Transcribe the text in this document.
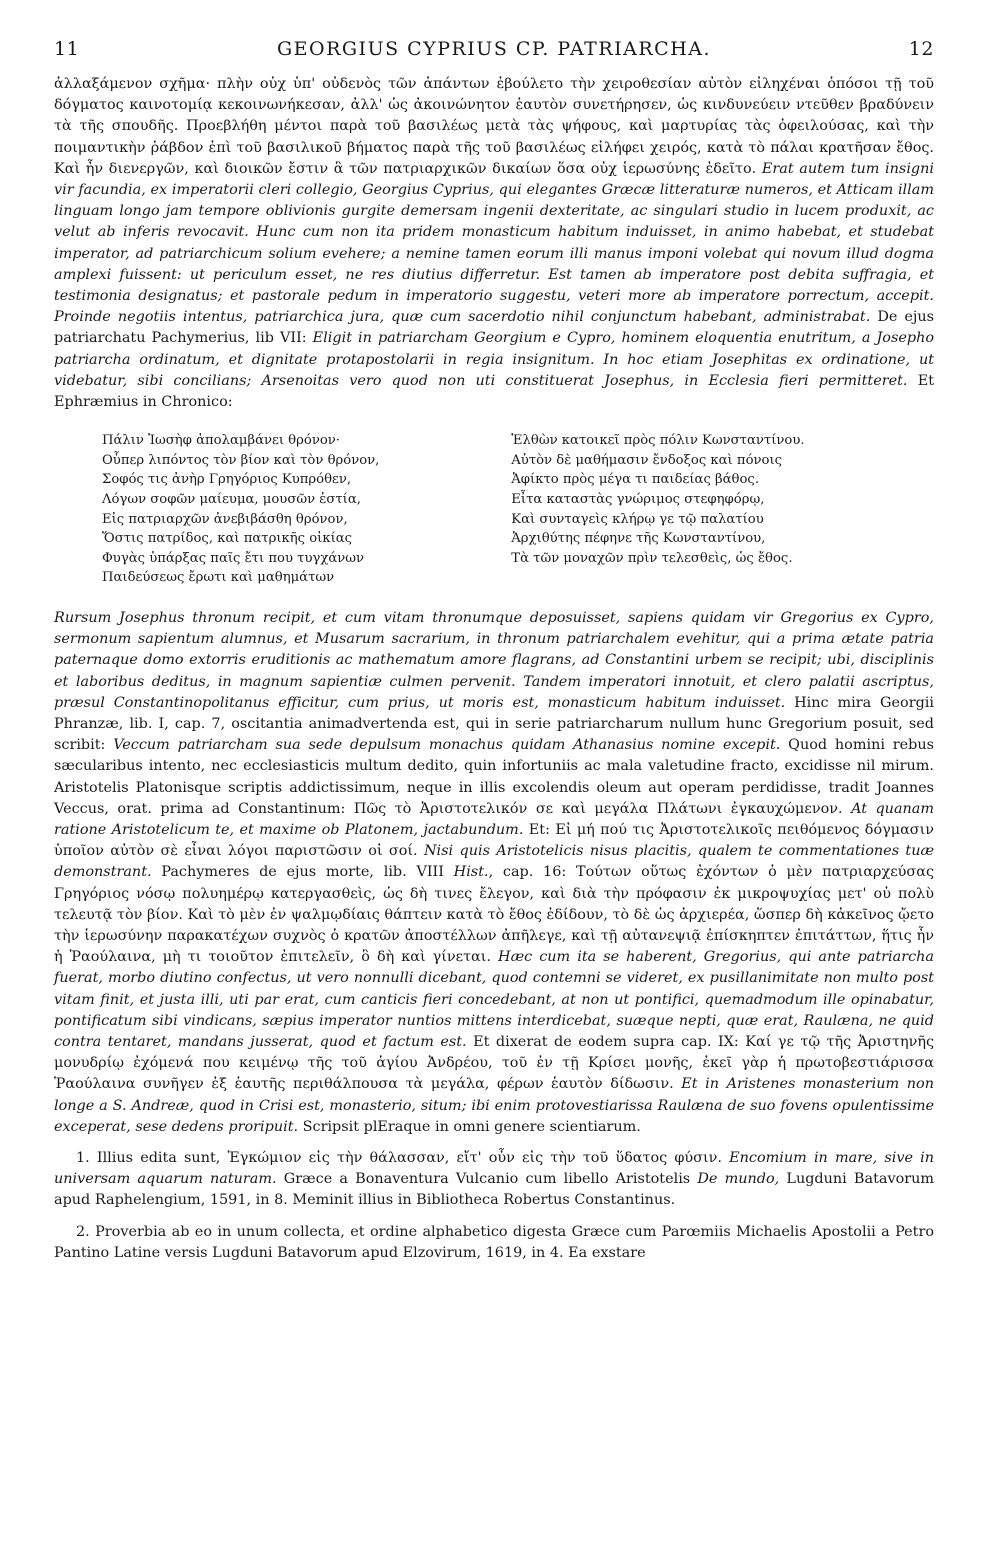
11	GEORGIUS CYPRIUS CP. PATRIARCHA.	12

ἀλλαξάμενον σχῆμα· πλὴν οὐχ ὑπ' οὐδενὸς τῶν ἁπάντων ἐβούλετο τὴν χειροθεσίαν αὐτὸν εἰληχέναι ὁπόσοι τῇ τοῦ δόγματος καινοτομίᾳ κεκοινωνήκεσαν, ἀλλ' ὡς ἀκοινώνητον ἑαυτὸν συνετήρησεν, ὡς κινδυνεύειν ντεῦθεν βραδύνειν τὰ τῆς σπουδῆς. Προεβλήθη μέντοι παρὰ τοῦ βασιλέως μετὰ τὰς ψήφους, καὶ μαρτυρίας τὰς ὀφειλούσας, καὶ τὴν ποιμαντικὴν ῥάβδον ἐπὶ τοῦ βασιλικοῦ βήματος παρὰ τῆς τοῦ βασιλέως εἰλήφει χειρός, κατὰ τὸ πάλαι κρατῆσαν ἔθος. Καὶ ἦν διενεργῶν, καὶ διοικῶν ἔστιν ἃ τῶν πατριαρχικῶν δικαίων ὅσα οὐχ ἱερωσύνης ἐδεῖτο. Erat autem tum insigni vir facundia, ex imperatorii cleri collegio, Georgius Cyprius, qui elegantes Græcæ litteraturæ numeros, et Atticam illam linguam longo jam tempore oblivionis gurgite demersam ingenii dexteritate, ac singulari studio in lucem produxit, ac velut ab inferis revocavit. Hunc cum non ita pridem monasticum habitum induisset, in animo habebat, et studebat imperator, ad patriarchicum solium evehere; a nemine tamen eorum illi manus imponi volebat qui novum illud dogma amplexi fuissent: ut periculum esset, ne res diutius differretur. Est tamen ab imperatore post debita suffragia, et testimonia designatus; et pastorale pedum in imperatorio suggestu, veteri more ab imperatore porrectum, accepit. Proinde negotiis intentus, patriarchica jura, quæ cum sacerdotio nihil conjunctum habebant, administrabat. De ejus patriarchatu Pachymerius, lib VII: Eligit in patriarcham Georgium e Cypro, hominem eloquentia enutritum, a Josepho patriarcha ordinatum, et dignitate protapostolarii in regia insignitum. In hoc etiam Josephitas ex ordinatione, ut videbatur, sibi concilians; Arsenoitas vero quod non uti constituerat Josephus, in Ecclesia fieri permitteret. Et Ephræmius in Chronico:

Πάλιν Ἰωσὴφ ἀπολαμβάνει θρόνον·
Οὗπερ λιπόντος τὸν βίον καὶ τὸν θρόνον,
Σοφός τις ἀνὴρ Γρηγόριος Κυπρόθεν,
Λόγων σοφῶν μαίευμα, μουσῶν ἑστία,
Εἰς πατριαρχῶν ἀνεβιβάσθη θρόνον,
Ὅστις πατρίδος, καὶ πατρικῆς οἰκίας
Φυγὰς ὑπάρξας παῖς ἔτι που τυγχάνων
Παιδεύσεως ἔρωτι καὶ μαθημάτων
Ἐλθὼν κατοικεῖ πρὸς πόλιν Κωνσταντίνου.
Αὐτὸν δὲ μαθήμασιν ἔνδοξος καὶ πόνοις
Ἀφίκτο πρὸς μέγα τι παιδείας βάθος.
Εἶτα καταστὰς γνώριμος στεφηφόρῳ,
Καὶ συνταγεὶς κλήρῳ γε τῷ παλατίου
Ἀρχιθύτης πέφηνε τῆς Κωνσταντίνου,
Τὰ τῶν μοναχῶν πρὶν τελεσθεὶς, ὡς ἔθος.

Rursum Josephus thronum recipit, et cum vitam thronumque deposuisset, sapiens quidam vir Gregorius ex Cypro, sermonum sapientum alumnus, et Musarum sacrarium, in thronum patriarchalem evehitur, qui a prima ætate patria paternaque domo extorris eruditionis ac mathematum amore flagrans, ad Constantini urbem se recipit; ubi, disciplinis et laboribus deditus, in magnum sapientiæ culmen pervenit. Tandem imperatori innotuit, et clero palatii ascriptus, præsul Constantinopolitanus efficitur, cum prius, ut moris est, monasticum habitum induisset. Hinc mira Georgii Phranzæ, lib. I, cap. 7, oscitantia animadvertenda est, qui in serie patriarcharum nullum hunc Gregorium posuit, sed scribit: Veccum patriarcham sua sede depulsum monachus quidam Athanasius nomine excepit. Quod homini rebus sæcularibus intento, nec ecclesiasticis multum dedito, quin infortuniis ac mala valetudine fracto, excidisse nil mirum. Aristotelis Platonisque scriptis addictissimum, neque in illis excolendis oleum aut operam perdidisse, tradit Joannes Veccus, orat. prima ad Constantinum: Πῶς τὸ Ἀριστοτελικόν σε καὶ μεγάλα Πλάτωνι ἐγκαυχώμενον. At quanam ratione Aristotelicum te, et maxime ob Platonem, jactabundum. Et: Εἰ μή πού τις Ἀριστοτελικοῖς πειθόμενος δόγμασιν ὑποῖον αὐτὸν σὲ εἶναι λόγοι παριστῶσιν οἱ σοί. Nisi quis Aristotelicis nisus placitis, qualem te commentationes tuæ demonstrant. Pachymeres de ejus morte, lib. VIII Hist., cap. 16: Τούτων οὕτως ἐχόντων ὁ μὲν πατριαρχεύσας Γρηγόριος νόσῳ πολυημέρῳ κατεργασθεὶς, ὡς δὴ τινες ἔλεγον, καὶ διὰ τὴν πρόφασιν ἐκ μικροψυχίας μετ' οὐ πολὺ τελευτᾷ τὸν βίον. Καὶ τὸ μὲν ἐν ψαλμῳδίαις θάπτειν κατὰ τὸ ἔθος ἐδίδουν, τὸ δὲ ὡς ἀρχιερέα, ὥσπερ δὴ κἀκεῖνος ᾤετο τὴν ἱερωσύνην παρακατέχων συχνὸς ὁ κρατῶν ἀποστέλλων ἀπῆλεγε, καὶ τῇ αὐτανεψιᾷ ἐπίσκηπτεν ἐπιτάττων, ἥτις ἦν ἡ Ῥαούλαινα, μὴ τι τοιοῦτον ἐπιτελεῖν, ὃ δὴ καὶ γίνεται. Hæc cum ita se haberent, Gregorius, qui ante patriarcha fuerat, morbo diutino confectus, ut vero nonnulli dicebant, quod contemni se videret, ex pusillanimitate non multo post vitam finit, et justa illi, uti par erat, cum canticis fieri concedebant, at non ut pontifici, quemadmodum ille opinabatur, pontificatum sibi vindicans, sæpius imperator nuntios mittens interdicebat, suæque nepti, quæ erat, Raulæna, ne quid contra tentaret, mandans jusserat, quod et factum est. Et dixerat de eodem supra cap. IX: Καί γε τῷ τῆς Ἀριστηνῆς μονυδρίῳ ἐχόμενά που κειμένῳ τῆς τοῦ ἁγίου Ἀνδρέου, τοῦ ἐν τῇ Κρίσει μονῆς, ἐκεῖ γὰρ ἡ πρωτοβεστιάρισσα Ῥαούλαινα συνῆγεν ἐξ ἑαυτῆς περιθάλπουσα τὰ μεγάλα, φέρων ἑαυτὸν δίδωσιν. Et in Aristenes monasterium non longe a S. Andreæ, quod in Crisi est, monasterio, situm; ibi enim protovestiarissa Raulæna de suo fovens opulentissime exceperat, sese dedens proripuit. Scripsit plEraque in omni genere scientiarum.

1. Illius edita sunt, Ἐγκώμιον εἰς τὴν θάλασσαν, εἴτ' οὖν εἰς τὴν τοῦ ὕδατος φύσιν. Encomium in mare, sive in universam aquarum naturam. Græce a Bonaventura Vulcanio cum libello Aristotelis De mundo, Lugduni Batavorum apud Raphelengium, 1591, in 8. Meminit illius in Bibliotheca Robertus Constantinus.

2. Proverbia ab eo in unum collecta, et ordine alphabetico digesta Græce cum Parœmiis Michaelis Apostolii a Petro Pantino Latine versis Lugduni Batavorum apud Elzovirum, 1619, in 4. Ea exstare
